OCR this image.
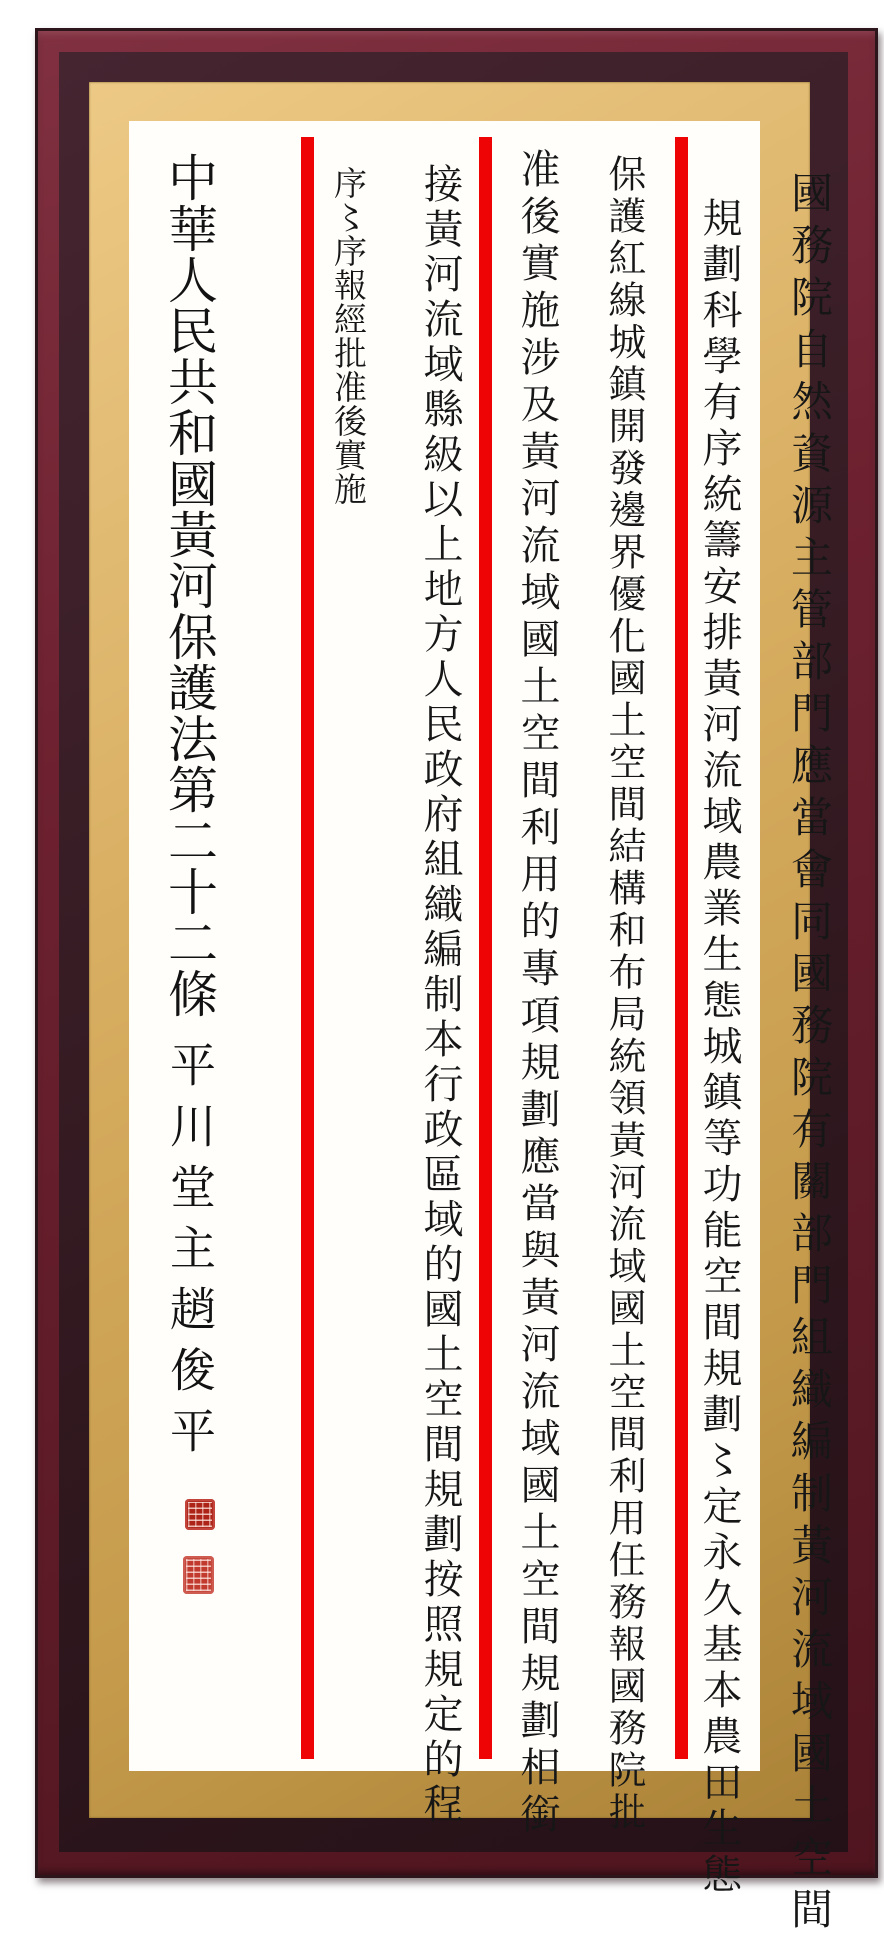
國務院自然資源主管部門應當會同國務院有關部門組織編制黃河流域國土空間
規劃科學有序統籌安排黃河流域農業生態城鎮等功能空間規劃〻定永久基本農田生態
保護紅線城鎮開發邊界優化國土空間結構和布局統領黃河流域國土空間利用任務報國務院批
准後實施涉及黃河流域國土空間利用的專項規劃應當與黃河流域國土空間規劃相銜
接黃河流域縣級以上地方人民政府組織編制本行政區域的國土空間規劃按照規定的程
序〻序報經批准後實施
中華人民共和國黃河保護法第二十二條
平川堂主趙俊平
